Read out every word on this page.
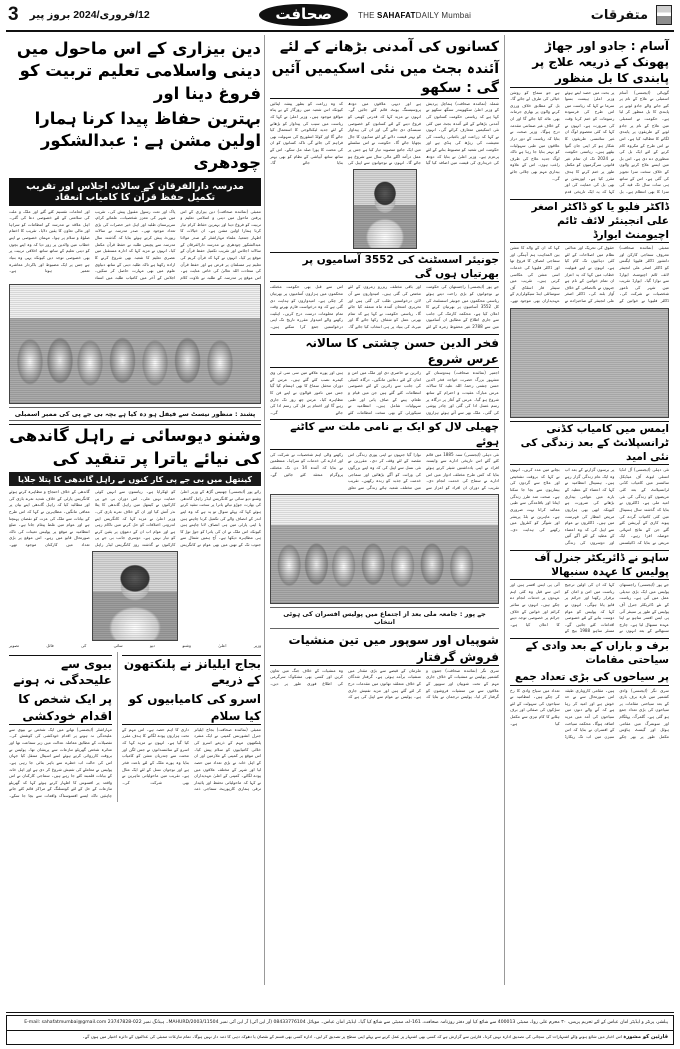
3	12/فروری/2024 بروز پیر	صحافت	THE SAHAFATDAILY Mumbai	متفرقات
آسام : جادو اور جھاڑ پھونک کے ذریعہ علاج پر پابندی کا بل منظور
گوہاٹی (ایجنسی) آسام اسمبلی نے علاج کے نام پر کیے جانے والے جادو ٹونے پر پابندی کا بل منظور کر لیا ہے۔ حکومت نے اسمبلی میں علاج کے نام پر جادو ٹونے کے طریقوں پر پابندی لگانے کا مطالبہ کیا ہے۔ اس نے اس طرح کے مکروہ کام کرنے کے لئے ایک بل کی منظوری دے دی ہے۔ اس بل میں ایسے علاج کرنے والوں کے خلاف سخت سزا تجویز کی گئی ہے۔ اس کے ساتھ ہی سات سال تک قید کی سزا کا بھی انتظام ہے۔ بل پر بحث میں حصہ لیتے ہوئے وزیر اعلیٰ ہیمنت بسوا سرما نے کہا کہ ریاست میں اس طرح کی فرسودہ رسومات کو ختم کرنا وقت کی ضرورت ہے۔ انہوں نے کہا کہ کئی معصوم لوگ ان غیر سائنسی طریقوں کا شکار ہو کر اپنی جان گنوا بیٹھے ہیں۔ ریاستی حکومت نے 2024 تک ان تمام غیر قانونی سرگرمیوں کو مکمل طور پر ختم کرنے کا ہدف مقرر کیا ہے۔ اپوزیشن نے بھی بل کی حمایت کی اور کہا کہ یہ ایک تاریخی قدم ہے جو سماج کو روشن خیالی کی طرف لے جائے گا۔ بل کے مطابق خلاف ورزی کرنے والوں پر بھاری جرمانہ بھی عائد کیا جائے گا اور ان کے خلاف غیر ضمانتی مقدمہ درج ہوگا۔ وزیر صحت نے بتایا کہ ریاست کے دور دراز علاقوں میں طبی سہولیات کو بہتر بنایا جا رہا ہے تاکہ لوگ جدید علاج کی طرف راغب ہوں۔ اس کے علاوہ بیداری مہم بھی چلائی جائے گی۔
ڈاکٹر فلیو یا کو ڈاکٹر اصغر علی انجینئر لائف ٹائم اچیومنٹ ایوارڈ
ممبئی (نمائندہ صحافت) معروف سماجی کارکن اور دانشور ڈاکٹر فلیویا ایگنس کو ڈاکٹر اصغر علی انجینئر لائف ٹائم اچیومنٹ ایوارڈ سے نوازا گیا۔ ایوارڈ تقریب میں شہر کی نامور شخصیات نے شرکت کی۔ ڈاکٹر فلیویا نے خواتین کے حقوق کی تحریک اور عدالتی نظام میں اصلاحات کے لئے کئی دہائیوں تک کام کیا ہے۔ انہوں نے اپنے قبولیت خطاب میں کہا کہ یہ اعزاز ان تمام خواتین کے نام ہے جنہوں نے ناانصافی کے خلاف آواز بلند کی۔ ڈاکٹر اصغر علی انجینئر کے صاحبزادے نے کہا کہ ان کے والد کا مشن بین المذاہب ہم آہنگی اور سماجی انصاف کا فروغ تھا اور ڈاکٹر فلیویا کی خدمات اسی مشن کی عکاسی کرتی ہیں۔ تقریب میں سینٹر فار اسٹڈی آف سوسائٹی اینڈ سیکولرازم کے عہدیداران بھی موجود تھے۔
ایمس میں کامیاب کڈنی ٹرانسپلانٹ کے بعد زندگی کی نئی امید
نئی دہلی (ایجنسی) آل انڈیا انسٹی ٹیوٹ آف میڈیکل سائنسز میں کامیاب کڈنی ٹرانسپلانٹ کے بعد کئی مریضوں کو زندگی کی نئی امید ملی ہے۔ ڈاکٹروں نے بتایا کہ گذشتہ سال ہسپتال میں کئی کامیاب گردے کی پیوند کاری کے آپریشن کئے گئے جن کے نتائج انتہائی حوصلہ افزا رہے۔ ایک مریض نے بتایا کہ ڈائیلسس پر برسوں گزارنے کے بعد اب وہ ایک عام زندگی گزار رہے ہیں۔ ہسپتال انتظامیہ نے کہا کہ اعضاء کے عطیہ کے بارے میں عوامی بیداری بڑھانے کی ضرورت ہے کیونکہ ابھی بھی ہزاروں مریض انتظار کی فہرست میں ہیں۔ ڈاکٹروں نے عوام سے اپیل کی کہ وہ اعضاء کے عطیہ کے لئے آگے آئیں اور دوسروں کی زندگی بچانے میں مدد کریں۔ انہوں نے کہا کہ بروقت تشخیص اور علاج سے گردوں کی بیماریوں سے بچا جا سکتا ہے۔ صحت مند طرز زندگی اپنانا اور باقاعدگی سے طبی معائنہ کرانا بہت ضروری ہے۔ ماہرین نے بلڈ پریشر اور شوگر کو کنٹرول میں رکھنے کی ہدایت دی۔
ساہو نے ڈائریکٹر جنرل آف پولیس کا عہدہ سنبھالا
جے پور (ایجنسی) راجستھان پولیس میں ایک بڑی تبدیلی عمل میں آئی ہے۔ ریاست کے نئے ڈائریکٹر جنرل آف پولیس کے طور پر سینئر آئی پی ایس افسر ساہو نے اپنا عہدہ سنبھال لیا ہے۔ چارج سنبھالنے کے بعد انہوں نے کہا کہ ان کی اولین ترجیح ریاست میں امن و امان کو برقرار رکھنا اور جرائم پر قابو پانا ہوگی۔ انہوں نے کہا کہ پولیس کو عوام دوست بنانے کے لئے خصوصی اقدامات کئے جائیں گے۔ مسٹر ساہو 1988 بیچ کے آئی پی ایس افسر ہیں اور اس سے قبل وہ کئی اہم عہدوں پر خدمات انجام دے چکے ہیں۔ انہوں نے سائبر کرائم اور خواتین کے خلاف جرائم پر خصوصی توجہ دینے کا اعلان کیا ہے۔
برف و باراں کے بعد وادی کے سیاحتی مقامات
پر سیاحوں کی بڑی تعداد جمع
سری نگر (ایجنسی) وادی کشمیر میں تازہ برف باری کے بعد سیاحتی مقامات پر سیاحوں کی بڑی تعداد جمع ہو گئی ہے۔ گلمرگ، پہلگام اور سونمرگ میں مقامی ہوٹل اور گیسٹ ہاؤس مکمل طور پر بھر چکے ہیں۔ مقامی کاروباری طبقہ اس صورتحال سے بے حد خوش ہے اور امید کر رہا ہے کہ آنے والے دنوں میں سیاحوں کی آمد میں مزید اضافہ ہوگا۔ محکمہ سیاحت کے افسران نے بتایا کہ اس سیزن میں اب تک ریکارڈ تعداد میں سیاح وادی کا رخ کر چکے ہیں۔ انتظامیہ نے سیاحوں کی سہولت کے لئے سڑکوں کی صفائی اور برف ہٹانے کا کام تیزی سے مکمل کیا ہے۔
کسانوں کی آمدنی بڑھانے کے لئے
آئندہ بجٹ میں نئی اسکیمیں آئیں گی : سکھو
شملہ (نمائندہ صحافت) ہماچل پردیش کے وزیر اعلیٰ سکھویندر سنگھ سکھو نے کہا ہے کہ ریاستی حکومت کسانوں کی آمدنی بڑھانے کے لئے آئندہ بجٹ میں کئی نئی اسکیمیں متعارف کرائے گی۔ انہوں نے کہا کہ زراعت اور باغبانی ریاست کی معیشت کی ریڑھ کی ہڈی ہے اور حکومت اس شعبہ کو مضبوط بنانے کے لئے پرعزم ہے۔ وزیر اعلیٰ نے بتایا کہ دودھ کی خریداری کی قیمت میں اضافہ کیا گیا ہے اور دیہی علاقوں میں دودھ پروسیسنگ یونٹ قائم کئے جائیں گے۔ انہوں نے مزید کہا کہ قدرتی کھیتی کو فروغ دینے کے لئے کسانوں کو خصوصی سبسڈی دی جائے گی اور ان کی پیداوار کو بہتر قیمت دلانے کے لئے منڈیوں کا جال بچھایا جائے گا۔ حکومت نے اس سلسلے میں ایک جامع منصوبہ تیار کیا ہے جس پر عمل درآمد اگلے مالی سال سے شروع ہو جائے گا۔ انہوں نے نوجوانوں سے اپیل کی کہ وہ زراعت کو بطور پیشہ اپنائیں کیونکہ اس شعبہ میں روزگار کے بے پناہ مواقع موجود ہیں۔ وزیر اعلیٰ نے کہا کہ ریاست میں سیب کی پیداوار کو بڑھانے کے لئے جدید ٹیکنالوجی کا استعمال کیا جائے گا اور کولڈ اسٹوریج کی سہولت بھی فراہم کی جائے گی تاکہ کسانوں کو ان کی محنت کا پورا صلہ مل سکے۔ اس کے ساتھ ساتھ آبپاشی کے نظام کو بھی بہتر بنایا جائے گا۔
جونیئر اسسٹنٹ کی 3552 آسامیوں پر بھرتیاں ہوں گی
جے پور (ایجنسی) راجستھان کی حکومت نے نوجوانوں کو بڑی راحت دیتے ہوئے ریاستی محکموں میں جونیئر اسسٹنٹ کی کل 3552 آسامیوں پر بھرتیاں کرنے کا اعلان کیا ہے۔ محکمہ کارمک کی جانب سے جاری اطلاع کے مطابق ان آسامیوں میں سے 2788 غیر محفوظ زمرہ کے لئے اور باقی مختلف ریزرو زمروں کے لئے مختص کی گئی ہیں۔ امیدواروں سے آن لائن درخواستیں طلب کی گئی ہیں اور تحریری امتحان آئندہ ماہ منعقد کیا جائے گا۔ ریاستی حکومت نے کہا ہے کہ تمام بھرتی عمل کو شفاف رکھا جائے گا اور میرٹ کی بنیاد پر ہی انتخاب کیا جائے گا۔ اس سے قبل بھی حکومت مختلف محکموں میں ہزاروں آسامیوں پر بھرتیاں کر چکی ہے۔ امیدواروں کو ہدایت دی گئی ہے کہ وہ درخواست فارم بھرتے وقت تمام معلومات درست درج کریں۔ اہلیت رکھنے والے امیدوار مقررہ تاریخ تک اپنی درخواستیں جمع کرا سکتے ہیں۔
فخر الدین حسن چشتی کا سالانہ عرس شروع
اجمیر (نمائندہ صحافت) ہندوستان کے مشہور بزرگ حضرت خواجہ فخر الدین حسن چشتی رحمۃ اللہ علیہ کا سالانہ عرس مبارک عقیدت و احترام کے ساتھ شروع ہو گیا۔ عرس کے آغاز پر درگاہ پر رسم غسل ادا کی گئی اور چادر پوشی کی گئی۔ ملک بھر سے آئے ہوئے ہزاروں زائرین نے حاضری دی اور ملک میں امن و امان کے لئے دعائیں مانگیں۔ درگاہ کمیٹی کی جانب سے زائرین کے لئے خصوصی انتظامات کئے گئے ہیں جن میں قیام و طعام، پینے کے صاف پانی اور طبی سہولیات شامل ہیں۔ انتظامیہ نے سیکورٹی کے بھی سخت انتظامات کئے ہیں اور پورے علاقے میں سی سی ٹی وی کیمرے نصب کئے گئے ہیں۔ عرس کے دوران محفل سماع کا بھی اہتمام کیا گیا جس میں نامور قوالوں نے اپنے فن کا مظاہرہ کیا۔ عرس چھ روز تک جاری رہے گا اور اختتام پر قل کی رسم ادا کی جائے گی۔
چھیلی لال کو ایک بے نامی ملت سے کاٹنے ہوئے
نئی دہلی (ایجنسی) سنہ 1885 میں قائم کئے گئے اس تاریخی ادارے سے وابستہ افراد نے اپنی یادداشتیں شیئر کرتے ہوئے بتایا کہ کس طرح مختلف ادوار میں اس ادارے نے سماج کی خدمت انجام دی۔ تقریب کے دوران ان افراد کو اعزاز سے نوازا گیا جنہوں نے اپنی پوری زندگی اس مقصد کے لئے وقف کر دی۔ مقررین نے نئی نسل سے اپیل کی کہ وہ اپنے بزرگوں کی وراثت کو آگے بڑھائیں اور سماجی خدمت کے جذبہ کو زندہ رکھیں۔ تقریب میں مختلف شعبہ ہائے زندگی سے تعلق رکھنے والی اہم شخصیات نے شرکت کی اور ادارے کی خدمات کو سراہا۔ منتظمین نے بتایا کہ آئندہ 14 دن تک مختلف پروگرام منعقد کئے جائیں گے۔
جے پور : جامعہ ملی بعد از اجتماع میں پولیس افسران کی ہوئی انتخاب
شوپیاں اور سوپور میں تین منشیات فروش گرفتار
سری نگر (نمائندہ صحافت) جموں و کشمیر پولیس نے منشیات کے خلاف جاری مہم کے تحت شوپیاں اور سوپور کے علاقوں سے تین منشیات فروشوں کو گرفتار کر لیا۔ پولیس ترجمان نے بتایا کہ ملزمان کے قبضے سے بڑی مقدار میں منشیات برآمد ہوئی ہے۔ گرفتار شدگان کے خلاف متعلقہ تھانوں میں مقدمات درج کر لئے گئے ہیں اور مزید تفتیش جاری ہے۔ پولیس نے عوام سے اپیل کی ہے کہ وہ منشیات کے خلاف جنگ میں تعاون کریں اور کسی بھی مشکوک سرگرمی کی اطلاع فوری طور پر دیں۔
دین بیزاری کے اس ماحول میں دینی واسلامی تعلیم تربیت کو فروغ دینا اور
بہترین حفاظ پیدا کرنا ہمارا اولین مشن ہے : عبدالشکور چودھری
مدرسہ دارالفرقان کے سالانہ اجلاس اور تقریب تکمیل حفظ قرآن کا کامیاب انعقاد
ممبئی (نمائندہ صحافت) دین بیزاری کے اس پرفتن ماحول میں دینی و اسلامی تعلیم و تربیت کو فروغ دینا اور بہترین حفاظ کرام تیار کرنا ہمارا اولین مشن ہے۔ ان خیالات کا اظہار جمعیۃ علماء مہاراشٹر کے صدر مولانا عبدالشکور چودھری نے مدرسہ دارالفرقان کے سالانہ اجلاس اور تقریب تکمیل حفظ قرآن کے موقع پر کیا۔ انہوں نے کہا کہ قرآن کریم کی تعلیم ہر مسلمان پر فرض ہے اور حفظ قرآن کی سعادت اللہ تعالیٰ کی خاص عنایت ہے۔ اس موقع پر مدرسہ کے طلبہ نے تلاوت کلام پاک اور نعت رسول مقبول پیش کی۔ تقریب میں شہر کی معزز شخصیات، علمائے کرام، سرپرستان طلبہ اور اہل خیر حضرات کی بڑی تعداد موجود تھی۔ صدر مدرسہ نے سالانہ رپورٹ پیش کرتے ہوئے بتایا کہ گذشتہ سال مدرسہ سے پچیس طلبہ نے حفظ قرآن مکمل کیا۔ انہوں نے مزید کہا کہ ادارہ مستقبل میں عصری تعلیم کا شعبہ بھی شروع کرنے کا ارادہ رکھتا ہے تاکہ طلبہ دینی کے ساتھ دنیاوی علوم میں بھی مہارت حاصل کر سکیں۔ اجلاس کے آخر میں کامیاب طلبہ میں اسناد اور انعامات تقسیم کئے گئے اور ملک و ملت کی سلامتی کے لئے خصوصی دعا کی گئی۔ اہل علاقہ نے مدرسہ کے انتظامات کو سراہا اور مالی تعاون کا یقین دلایا۔ تقریب کا اختتام صلوٰۃ و سلام پر ہوا۔ مہمان خصوصی نے اپنے خطاب میں والدین پر زور دیا کہ وہ اپنے بچوں کو دینی تعلیم کے ساتھ ساتھ اخلاقی تربیت پر بھی خصوصی توجہ دیں کیونکہ یہی وہ بنیاد ہے جس پر ایک مضبوط اور باکردار معاشرہ تعمیر ہوتا ہے۔
پشند : منظور نیسٹ سے فیفل ہو دہ کیا ہے بچہ بی جے پی کی ممبر اسمبلی
وشنو دیوسائی نے راہل گاندھی کی نیائے یاترا پر تنقید کی
کینتھل میں بی جے پی کار کنوں نے راہل گاندھی کا پتلا جلایا
رائے پور (ایجنسی) چھتیس گڑھ کے وزیر اعلیٰ وشنو دیو سائی نے کانگریس لیڈر راہل گاندھی کی بھارت جوڑو نیائے یاترا پر سخت تنقید کرتے ہوئے کہا کہ پہلے سوال تو یہ ہے کہ وہ اپنے اندر کے انصاف والے کی تکمیل کرنا چاہتے ہیں یا اپنی پارٹی میں ہی انصاف لانا چاہتے ہیں کیونکہ اس ملک نے ان کی یاترا کو جوڑ توڑ کا ہی مظاہرہ دیکھا ہے۔ آج ہمیں شمال سے جنوب تک کے تھیں میں بھی عوام نے کانگریس کو ٹھکرایا ہے۔ ریاستوں سے انہیں کوئی حمایت نہیں ملی۔ اس دوران بی جے پی کارکنوں نے کینتھل میں راہل گاندھی کا پتلا نذر آتش کیا اور ان کے خلاف نعرے بازی کی۔ وزیر اعلیٰ نے مزید کہا کہ کانگریس اپنے اندرونی اختلافات کو حل کرنے میں ناکام رہی ہے اور عوام اب ان کے دعوؤں پر یقین کرنے کو تیار نہیں ہے۔ دوسری جانب بی جے پی کارکنوں نے گذشتہ روز کانگریس لیڈر راہل گاندھی کے خلاف احتجاج و مظاہرہ کرتے ہوئے کانگریس پارٹی کے خلاف شدید نعرے بازی کی اور مطالبہ کیا کہ راہل گاندھی اپنے بیان پر معافی مانگیں۔ مظاہرین نے کہا کہ اس طرح کے بیانات سے ملک کی عزت کو نقصان پہنچتا ہے اور عوام میں غلط پیغام جاتا ہے۔ ضلع انتظامیہ نے موقع پر پولیس تعینات کی تاکہ صورتحال قابو میں رہے۔ اس موقع پر بڑی تعداد میں کارکنان موجود تھے۔
وزیر اعلیٰ وشنو دیو سائی کی فائل تصویر
بجاج ایلیانز نے پلنکتھون کے ذریعے
اسرو کی کامیابیوں کو کیا سلام
ممبئی (نمائندہ صحافت) بجاج ایلیانز جنرل انشورنس کمپنی نے ایک منفرد پلنکتھون مہم کے ذریعے اسرو کی خلائی کامیابیوں کو سلام پیش کیا۔ اس موقع پر کمپنی کے ملازمین اور ان کے اہل خانہ نے بڑی تعداد میں حصہ لیا اور شہر کے مختلف علاقوں میں پودے لگائے۔ کمپنی کے اعلیٰ عہدیداران نے کہا کہ ماحولیاتی تحفظ اور پائیدار ترقی ہماری کارپوریٹ سماجی ذمہ داری کا اہم حصہ ہے۔ اس مہم کے تحت ہزاروں پودے لگانے کا ہدف مقرر کیا گیا ہے۔ انہوں نے مزید کہا کہ اسرو کے سائنسدانوں نے جس لگن اور محنت سے چندریان مشن کو کامیاب بنایا وہ پورے ملک کے لئے باعث فخر ہے اور نوجوان نسل کے لئے ایک مثال ہے۔ تقریب میں ماحولیاتی ماہرین نے بھی شرکت کی۔
بیوی سے علیحدگی نہ ہونے
پر ایک شخص کا اقدام خودکشی
مہاراشٹر (ایجنسی) تھانے میں ایک شخص نے بیوی سے علیحدگی نہ ہونے پر اقدام خودکشی کی کوشش کی۔ تفصیلات کے مطابق معاملہ عدالت میں زیر سماعت تھا اور متاثرہ شخص گھریلو تنازعات سے پریشان تھا۔ پولیس نے بروقت کارروائی کرتے ہوئے اسے اسپتال منتقل کیا جہاں اس کی حالت اب خطرے سے باہر بتائی جا رہی ہے۔ پولیس نے معاملے کی تفتیش شروع کر دی ہے اور اہل خانہ کے بیانات قلمبند کئے جا رہے ہیں۔ سماجی کارکنان نے اس واقعہ پر افسوس کا اظہار کرتے ہوئے کہا کہ گھریلو تنازعات کے حل کے لئے کونسلنگ کے مراکز قائم کئے جانے چاہئیں تاکہ ایسے افسوسناک واقعات سے بچا جا سکے۔
پبلشر، پرنٹر و ایڈیٹر امان عباس کے لئے تحریم پریس، ۳۰ محرم علی روڈ، ممبئی 400013 سے شائع کیا اور دفتر روزنامہ صحافت، 161-اے، ممبئی سے شائع کیا گیا۔ ایڈیٹر امان عباس۔ موبائل 08433776104 (آر این آئی) آر این آئی نمبر MAHURD/2003/11504۔ ہیڈنگ نمبر 022-23747828 E-mail: sahafatmumbai@gmail.com
قارئین کو مشورہ اس اخبار میں شائع ہونے والے اشتہارات کی سچائی کی تصدیق ادارہ نہیں کرتا۔ قارئین سے گزارش ہے کہ کسی بھی اشتہار پر عمل کرنے سے پہلے اپنی سطح پر تصدیق کر لیں۔ ادارہ کسی بھی قسم کے نقصان یا دھوکہ دہی کا ذمہ دار نہیں ہوگا۔ تمام تنازعات ممبئی کی عدالتوں کے دائرہ اختیار میں ہوں گے۔
